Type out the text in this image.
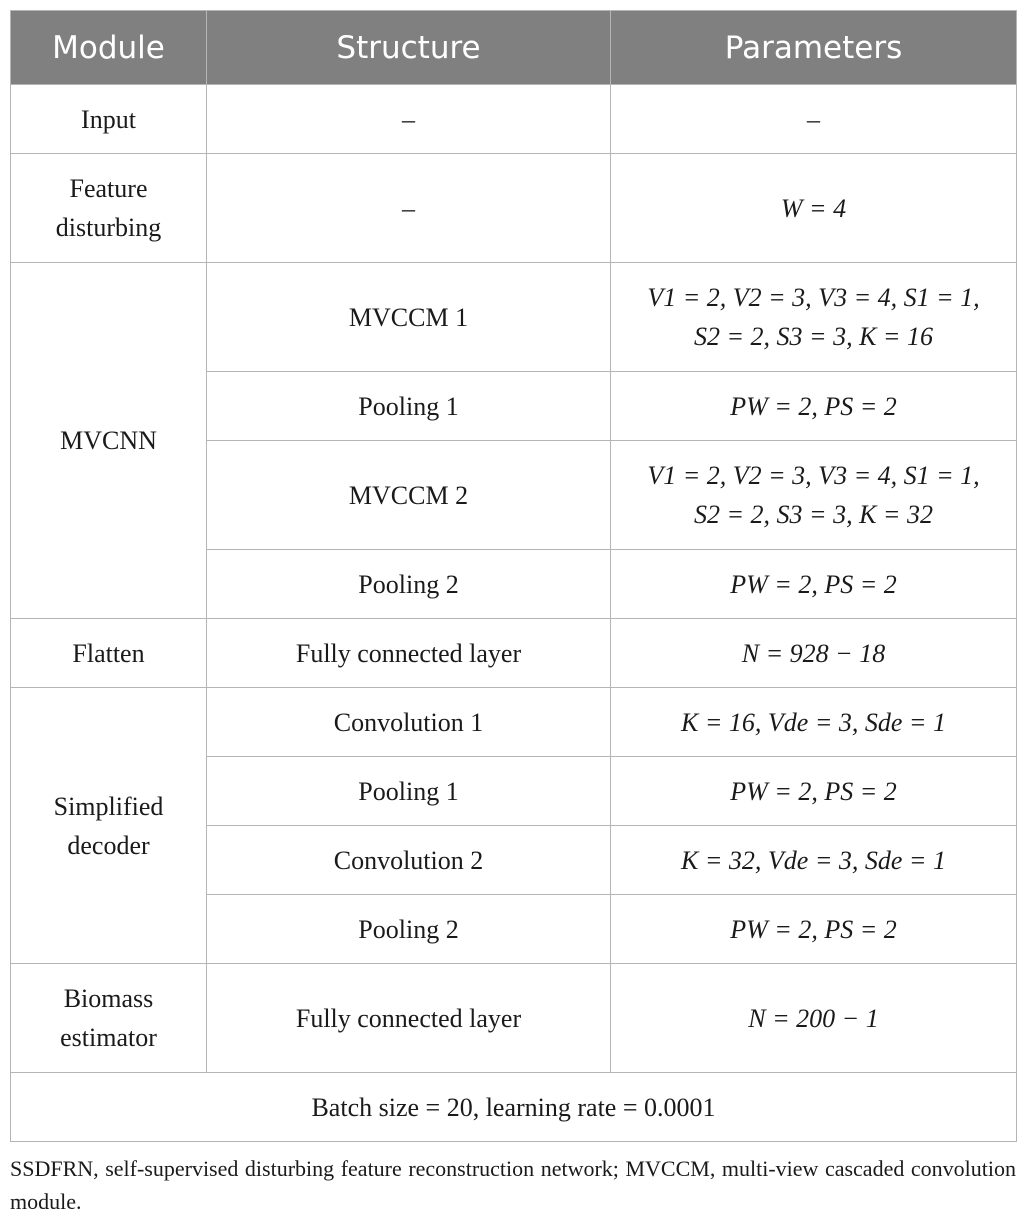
Module	Structure	Parameters
Input	–	–
Feature
disturbing	–	W = 4
MVCNN	MVCCM 1	V1 = 2, V2 = 3, V3 = 4, S1 = 1,
S2 = 2, S3 = 3, K = 16
	Pooling 1	PW = 2, PS = 2
	MVCCM 2	V1 = 2, V2 = 3, V3 = 4, S1 = 1,
S2 = 2, S3 = 3, K = 32
	Pooling 2	PW = 2, PS = 2
Flatten	Fully connected layer	N = 928 − 18
Simplified
decoder	Convolution 1	K = 16, Vde = 3, Sde = 1
	Pooling 1	PW = 2, PS = 2
	Convolution 2	K = 32, Vde = 3, Sde = 1
	Pooling 2	PW = 2, PS = 2
Biomass
estimator	Fully connected layer	N = 200 − 1
Batch size = 20, learning rate = 0.0001		
SSDFRN, self-supervised disturbing feature reconstruction network; MVCCM, multi-view cascaded convolution module.
